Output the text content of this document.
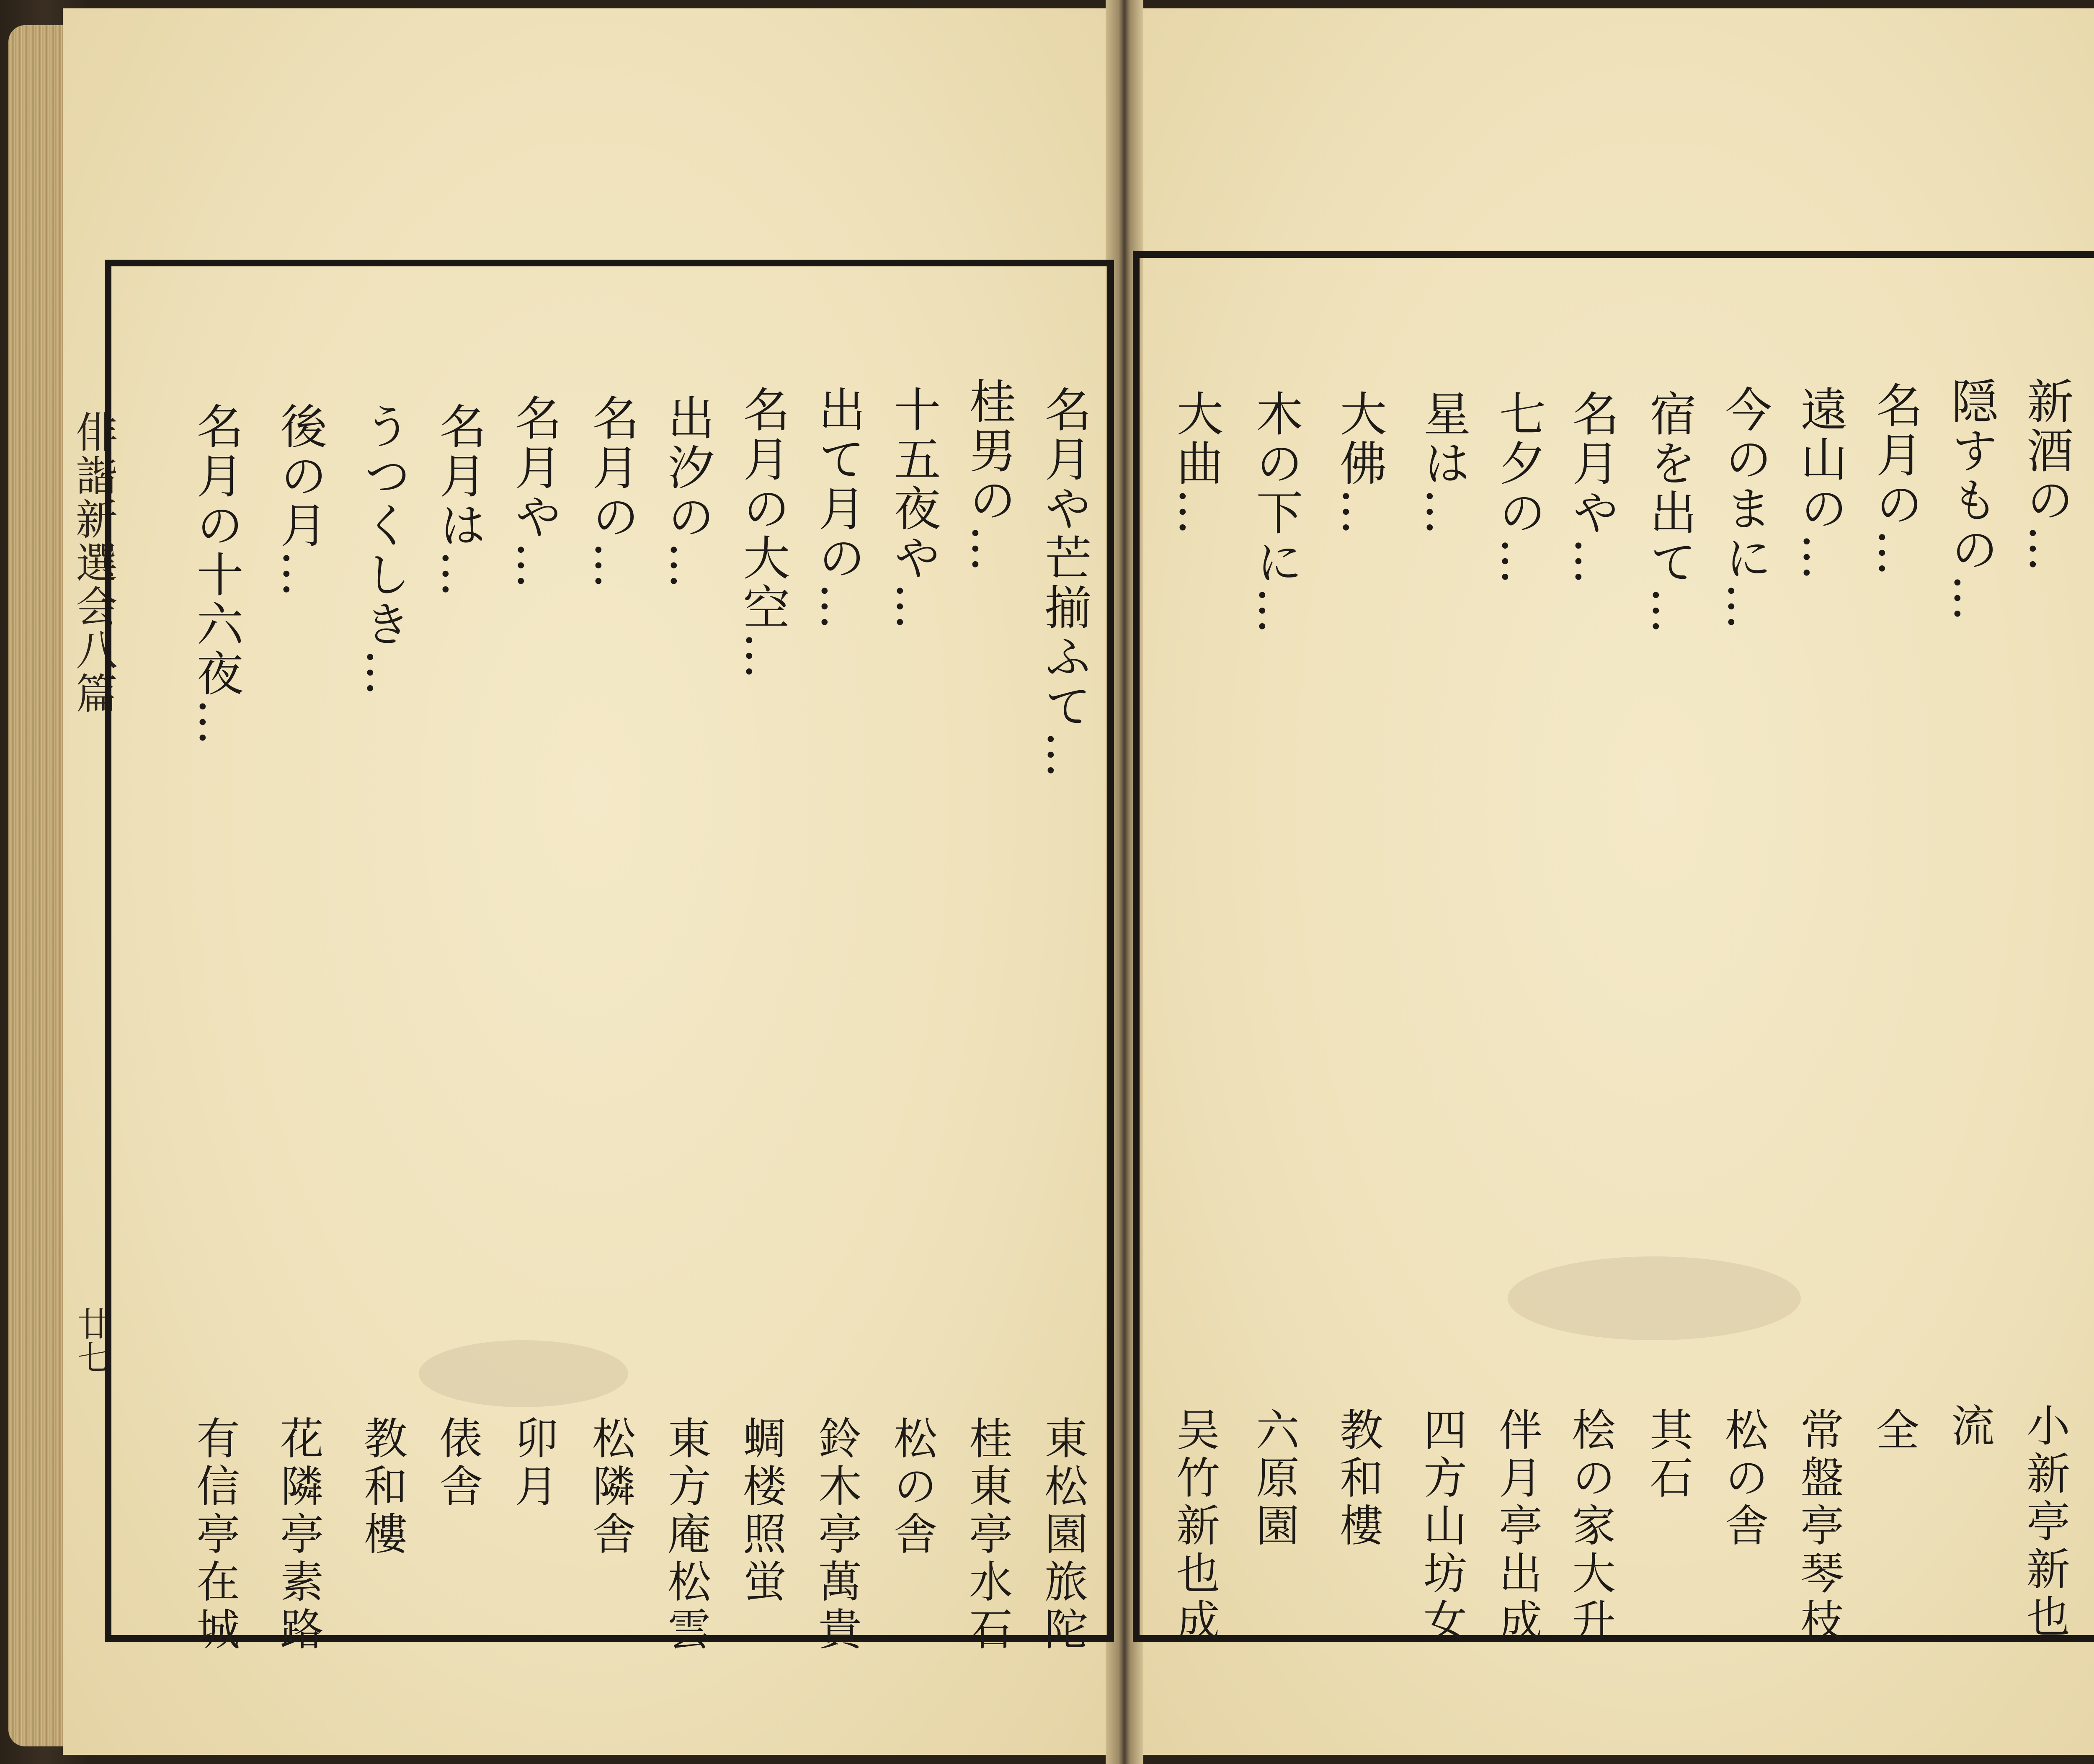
俳諧新選会八篇
廿七
名月や芒揃ふて…
東松園旅陀
桂男の…
桂東亭水石
十五夜や…
松の舎
出て月の…
鈴木亭萬貴
名月の大空…
蜩楼照蛍
出汐の…
東方庵松雲
名月の…
松隣舎
名月や…
卯月
名月は…
俵舎
うつくしき…
教和樓
後の月…
花隣亭素路
名月の十六夜…
有信亭在城
新酒の…
小新亭新也
隠すもの…
流
名月の…
全
遠山の…
常盤亭琴枝
今のまに…
松の舎
宿を出て…
其石
名月や…
桧の家大升
七夕の…
伴月亭出成
星は…
四方山坊女
大佛…
教和樓
木の下に…
六原園
大曲…
吴竹新也成
